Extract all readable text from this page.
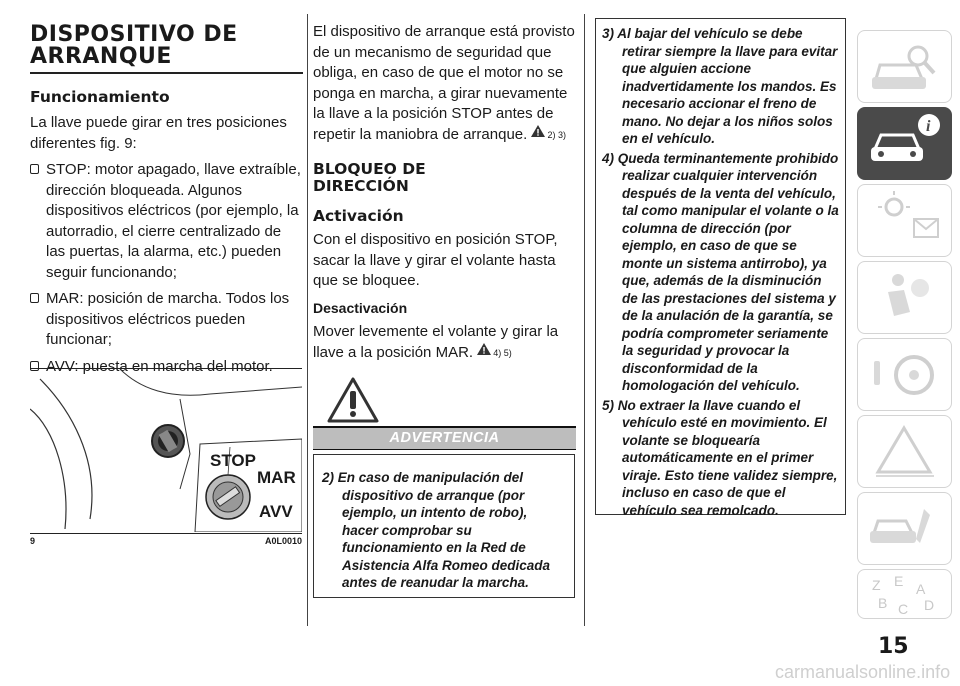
DISPOSITIVO DE
ARRANQUE
Funcionamiento

La llave puede girar en tres posiciones diferentes fig. 9:

STOP: motor apagado, llave extraíble, dirección bloqueada. Algunos dispositivos eléctricos (por ejemplo, la autorradio, el cierre centralizado de las puertas, la alarma, etc.) pueden seguir funcionando;
MAR: posición de marcha. Todos los dispositivos eléctricos pueden funcionar;
AVV: puesta en marcha del motor.
STOP
MAR
AVV
9	A0L0010

El dispositivo de arranque está provisto de un mecanismo de seguridad que obliga, en caso de que el motor no se ponga en marcha, a girar nuevamente la llave a la posición STOP antes de repetir la maniobra de arranque. 2) 3)

BLOQUEO DE
DIRECCIÓN
Activación

Con el dispositivo en posición STOP, sacar la llave y girar el volante hasta que se bloquee.

Desactivación

Mover levemente el volante y girar la llave a la posición MAR. 4) 5)

ADVERTENCIA
2) En caso de manipulación del dispositivo de arranque (por ejemplo, un intento de robo), hacer comprobar su funcionamiento en la Red de Asistencia Alfa Romeo dedicada antes de reanudar la marcha.
3) Al bajar del vehículo se debe retirar siempre la llave para evitar que alguien accione inadvertidamente los mandos. Es necesario accionar el freno de mano. No dejar a los niños solos en el vehículo.
4) Queda terminantemente prohibido realizar cualquier intervención después de la venta del vehículo, tal como manipular el volante o la columna de dirección (por ejemplo, en caso de que se monte un sistema antirrobo), ya que, además de la disminución de las prestaciones del sistema y de la anulación de la garantía, se podría comprometer seriamente la seguridad y provocar la disconformidad de la homologación del vehículo.
5) No extraer la llave cuando el vehículo esté en movimiento. El volante se bloquearía automáticamente en el primer viraje. Esto tiene validez siempre, incluso en caso de que el vehículo sea remolcado.
i
Z E A
B	D
C
15
carmanualsonline.info
